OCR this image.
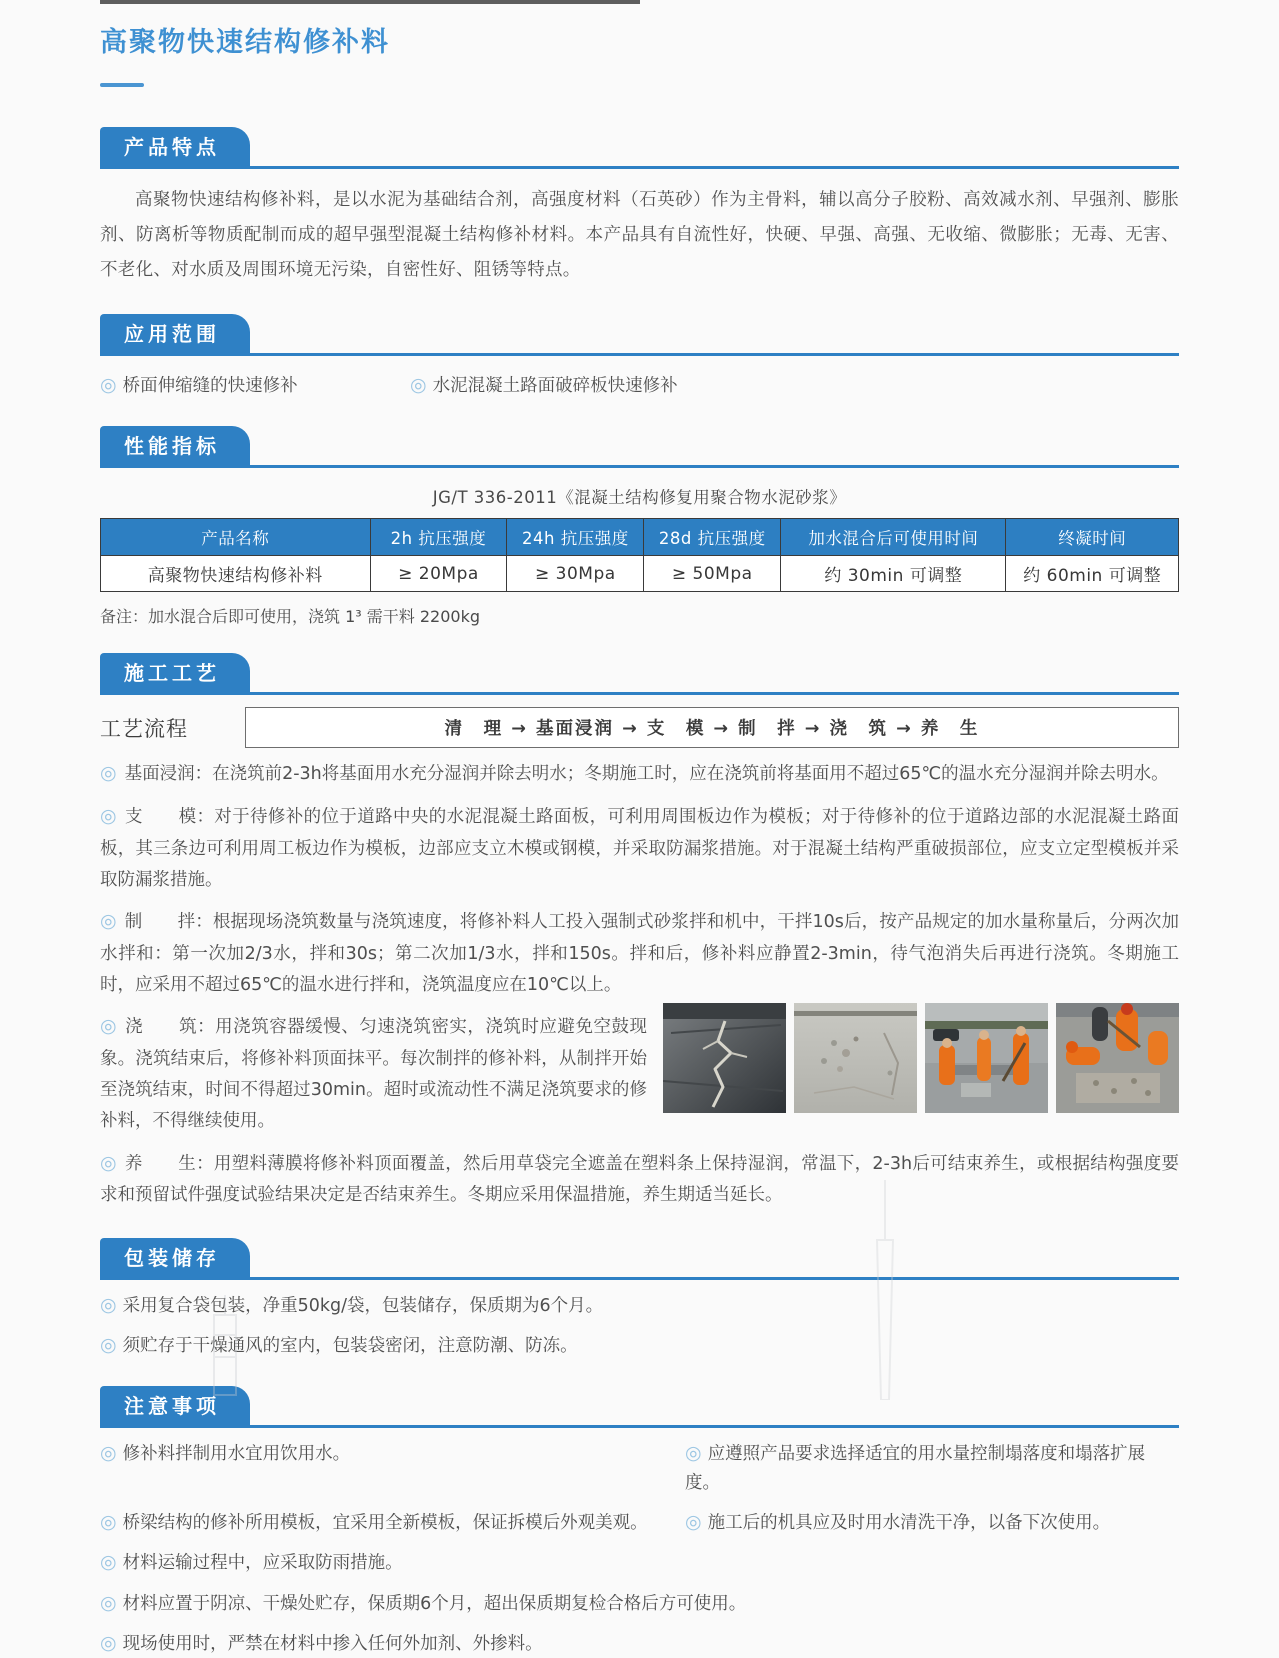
高聚物快速结构修补料
产品特点

高聚物快速结构修补料，是以水泥为基础结合剂，高强度材料（石英砂）作为主骨料，辅以高分子胶粉、高效减水剂、早强剂、膨胀剂、防离析等物质配制而成的超早强型混凝土结构修补材料。本产品具有自流性好，快硬、早强、高强、无收缩、微膨胀；无毒、无害、不老化、对水质及周围环境无污染，自密性好、阻锈等特点。

应用范围
◎ 桥面伸缩缝的快速修补	◎ 水泥混凝土路面破碎板快速修补
性能指标
JG/T 336-2011《混凝土结构修复用聚合物水泥砂浆》
产品名称	2h 抗压强度	24h 抗压强度	28d 抗压强度	加水混合后可使用时间	终凝时间
高聚物快速结构修补料	≥ 20Mpa	≥ 30Mpa	≥ 50Mpa	约 30min 可调整	约 60min 可调整
备注：加水混合后即可使用，浇筑 1³ 需干料 2200kg
施工工艺
工艺流程	清　理 → 基面浸润 → 支　模 → 制　拌 → 浇　筑 → 养　生

◎ 基面浸润：在浇筑前2-3h将基面用水充分湿润并除去明水；冬期施工时，应在浇筑前将基面用不超过65℃的温水充分湿润并除去明水。

◎ 支　　模：对于待修补的位于道路中央的水泥混凝土路面板，可利用周围板边作为模板；对于待修补的位于道路边部的水泥混凝土路面板，其三条边可利用周工板边作为模板，边部应支立木模或钢模，并采取防漏浆措施。对于混凝土结构严重破损部位，应支立定型模板并采取防漏浆措施。

◎ 制　　拌：根据现场浇筑数量与浇筑速度，将修补料人工投入强制式砂浆拌和机中，干拌10s后，按产品规定的加水量称量后，分两次加水拌和：第一次加2/3水，拌和30s；第二次加1/3水，拌和150s。拌和后，修补料应静置2-3min，待气泡消失后再进行浇筑。冬期施工时，应采用不超过65℃的温水进行拌和，浇筑温度应在10℃以上。

◎ 浇　　筑：用浇筑容器缓慢、匀速浇筑密实，浇筑时应避免空鼓现象。浇筑结束后，将修补料顶面抹平。每次制拌的修补料，从制拌开始至浇筑结束，时间不得超过30min。超时或流动性不满足浇筑要求的修补料，不得继续使用。

◎ 养　　生：用塑料薄膜将修补料顶面覆盖，然后用草袋完全遮盖在塑料条上保持湿润，常温下，2-3h后可结束养生，或根据结构强度要求和预留试件强度试验结果决定是否结束养生。冬期应采用保温措施，养生期适当延长。

包装储存
◎ 采用复合袋包装，净重50kg/袋，包装储存，保质期为6个月。
◎ 须贮存于干燥通风的室内，包装袋密闭，注意防潮、防冻。
注意事项
◎ 修补料拌制用水宜用饮用水。	◎ 应遵照产品要求选择适宜的用水量控制塌落度和塌落扩展度。
◎ 桥梁结构的修补所用模板，宜采用全新模板，保证拆模后外观美观。	◎ 施工后的机具应及时用水清洗干净，以备下次使用。
◎ 材料运输过程中，应采取防雨措施。
◎ 材料应置于阴凉、干燥处贮存，保质期6个月，超出保质期复检合格后方可使用。
◎ 现场使用时，严禁在材料中掺入任何外加剂、外掺料。
